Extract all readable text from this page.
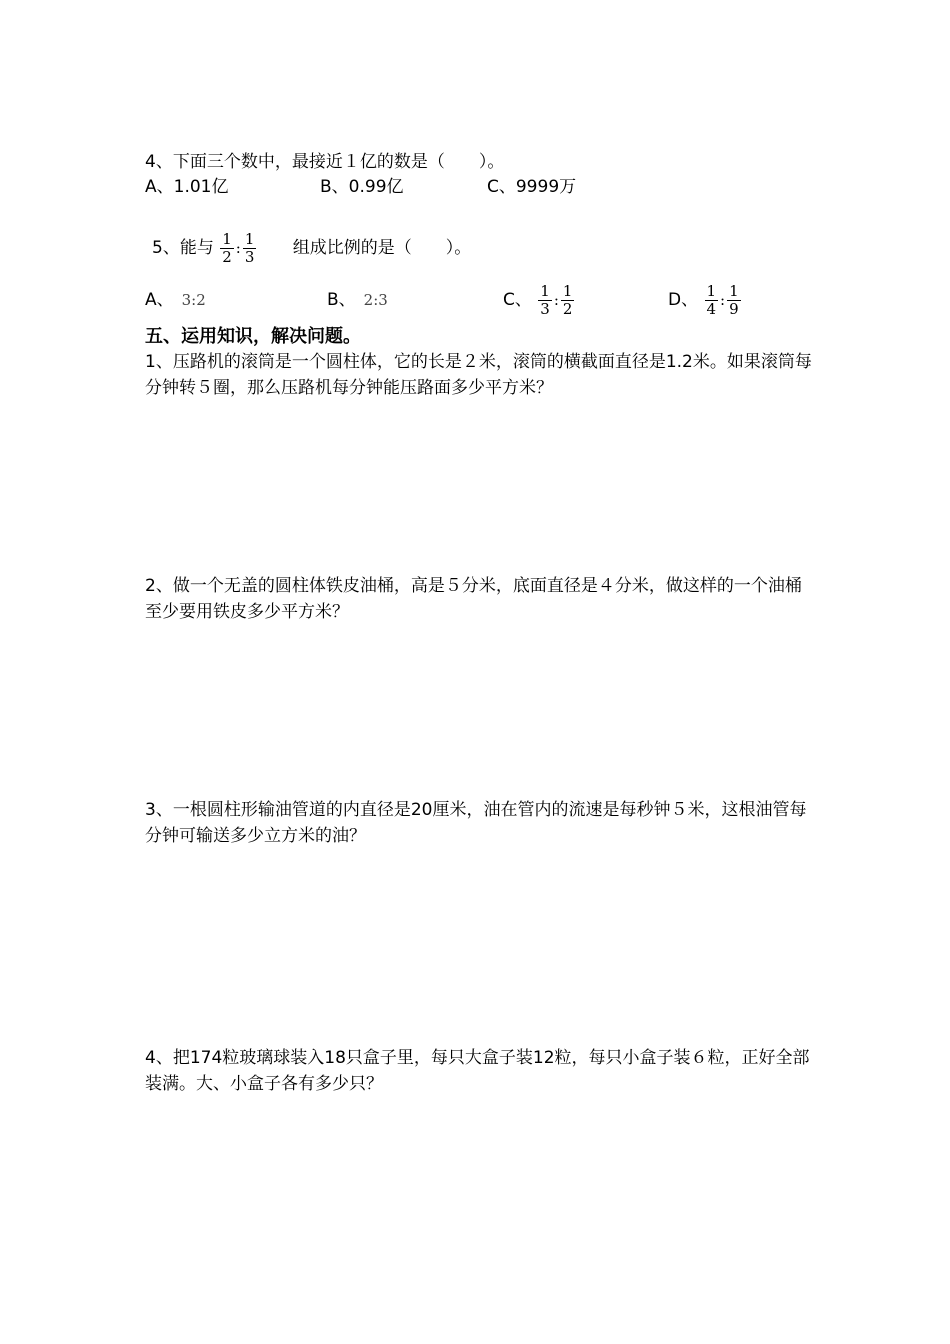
4、下面三个数中，最接近１亿的数是（　　）。
A、1.01亿	B、0.99亿	C、9999万
5、能与 $\frac{1}{2}$ : $\frac{1}{3}$ 组成比例的是（　　）。
A、 3:2	B、 2:3	C、 $\frac{1}{3}$ : $\frac{1}{2}$	D、 $\frac{1}{4}$ : $\frac{1}{9}$
五、运用知识，解决问题。
1、压路机的滚筒是一个圆柱体，它的长是２米，滚筒的横截面直径是1.2米。如果滚筒每分钟转５圈，那么压路机每分钟能压路面多少平方米？
2、做一个无盖的圆柱体铁皮油桶，高是５分米，底面直径是４分米，做这样的一个油桶至少要用铁皮多少平方米？
3、一根圆柱形输油管道的内直径是20厘米，油在管内的流速是每秒钟５米，这根油管每分钟可输送多少立方米的油？
4、把174粒玻璃球装入18只盒子里，每只大盒子装12粒，每只小盒子装６粒，正好全部装满。大、小盒子各有多少只？
